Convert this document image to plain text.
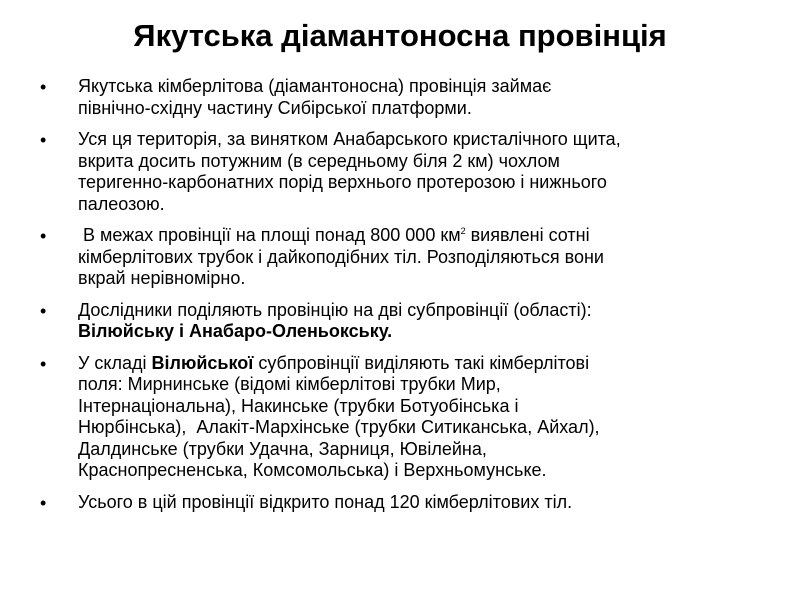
Якутська діамантоносна провінція
• Якутська кімберлітова (діамантоносна) провінція займає
північно-східну частину Сибірської платформи.
• Уся ця територія, за винятком Анабарського кристалічного щита,
вкрита досить потужним (в середньому біля 2 км) чохлом
теригенно-карбонатних порід верхнього протерозою і нижнього
палеозою.
• В межах провінції на площі понад 800 000 $км^2$ виявлені сотні
кімберлітових трубок і дайкоподібних тіл. Розподіляються вони
вкрай нерівномірно.
• Дослідники поділяють провінцію на дві субпровінції (області):
Вілюйську і Анабаро-Оленьокську.
• У складі Вілюйської субпровінції виділяють такі кімберлітові
поля: Мирнинське (відомі кімберлітові трубки Мир,
Інтернаціональна), Накинське (трубки Ботуобінська і
Нюрбінська),  Алакіт-Мархінське (трубки Ситиканська, Айхал),
Далдинське (трубки Удачна, Зарниця, Ювілейна,
Краснопресненська, Комсомольська) і Верхньомунське.
• Усього в цій провінції відкрито понад 120 кімберлітових тіл.
